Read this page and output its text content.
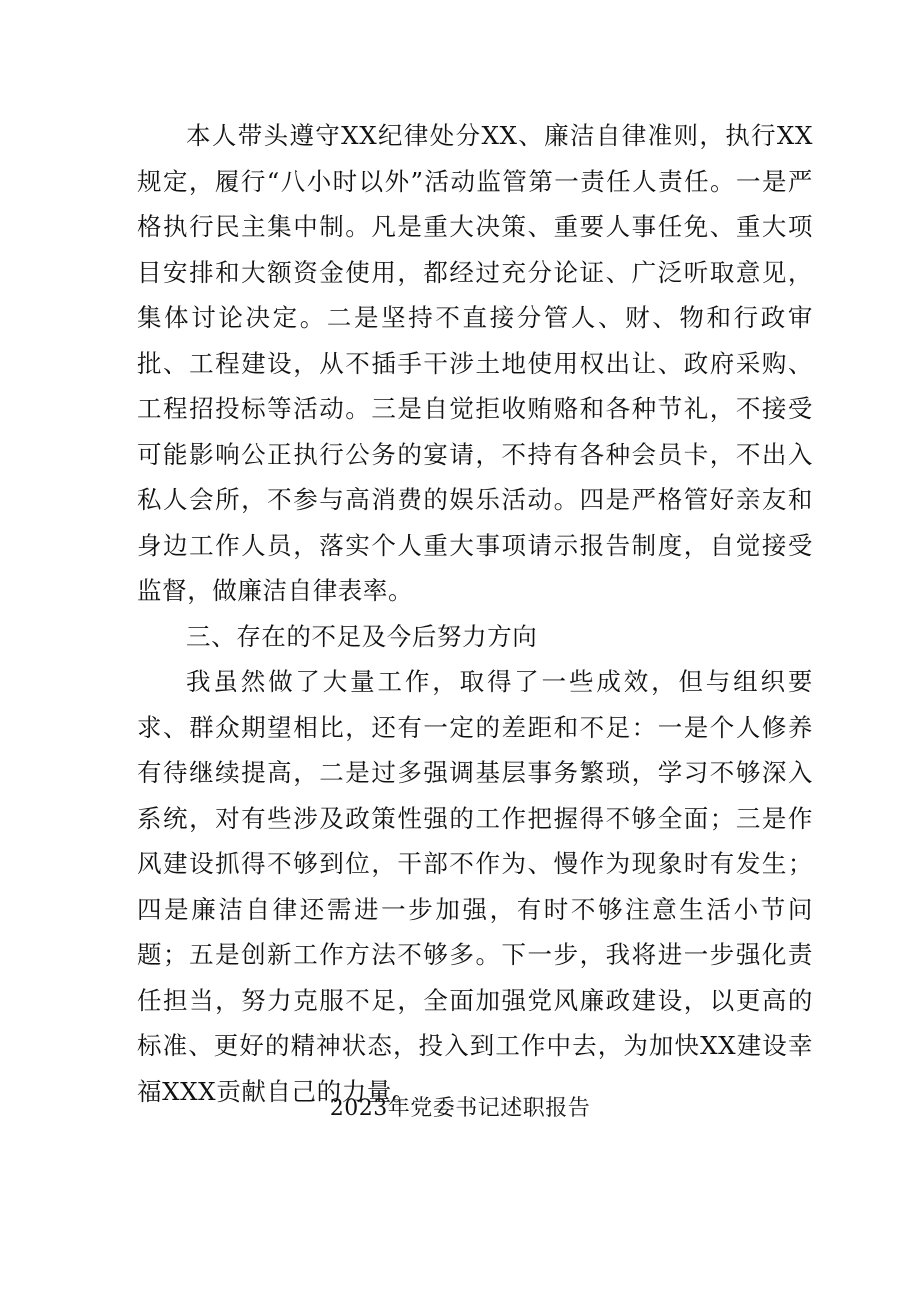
本人带头遵守XX纪律处分XX、廉洁自律准则，执行XX规定，履行“八小时以外”活动监管第一责任人责任。一是严格执行民主集中制。凡是重大决策、重要人事任免、重大项目安排和大额资金使用，都经过充分论证、广泛听取意见，集体讨论决定。二是坚持不直接分管人、财、物和行政审批、工程建设，从不插手干涉土地使用权出让、政府采购、工程招投标等活动。三是自觉拒收贿赂和各种节礼，不接受可能影响公正执行公务的宴请，不持有各种会员卡，不出入私人会所，不参与高消费的娱乐活动。四是严格管好亲友和身边工作人员，落实个人重大事项请示报告制度，自觉接受监督，做廉洁自律表率。

三、存在的不足及今后努力方向

我虽然做了大量工作，取得了一些成效，但与组织要求、群众期望相比，还有一定的差距和不足：一是个人修养有待继续提高，二是过多强调基层事务繁琐，学习不够深入系统，对有些涉及政策性强的工作把握得不够全面；三是作风建设抓得不够到位，干部不作为、慢作为现象时有发生；四是廉洁自律还需进一步加强，有时不够注意生活小节问题；五是创新工作方法不够多。下一步，我将进一步强化责任担当，努力克服不足，全面加强党风廉政建设，以更高的标准、更好的精神状态，投入到工作中去，为加快XX建设幸福XXX贡献自己的力量。

2023年党委书记述职报告
